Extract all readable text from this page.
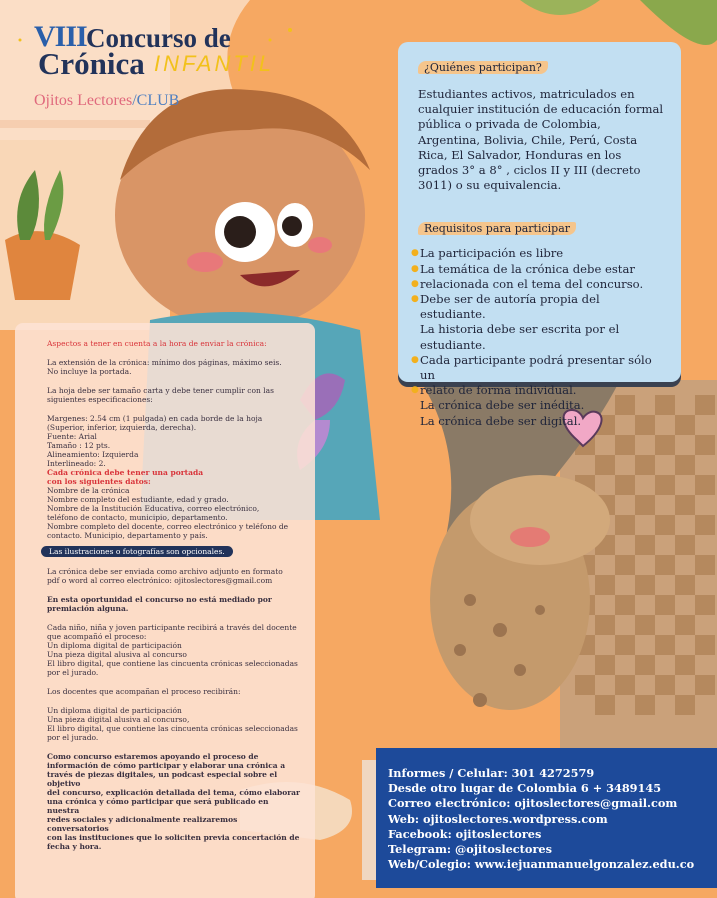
VIII Concurso de
Crónica INFANTIL
Ojitos Lectores/CLUB
¿Quiénes participan?

Estudiantes activos, matriculados en cualquier institución de educación formal pública o privada de Colombia, Argentina, Bolivia, Chile, Perú, Costa Rica, El Salvador, Honduras en los grados 3° a 8° , ciclos II y III (decreto 3011) o su equivalencia.

Requisitos para participar
● La participación es libre
● La temática de la crónica debe estar
● relacionada con el tema del concurso.
● Debe ser de autoría propia del estudiante.
La historia debe ser escrita por el estudiante.
● Cada participante podrá presentar sólo un
● relato de forma individual.
La crónica debe ser inédita.
La crónica debe ser digital.
Aspectos a tener en cuenta a la hora de enviar la crónica:
La extensión de la crónica: mínimo dos páginas, máximo seis.
No incluye la portada.
La hoja debe ser tamaño carta y debe tener cumplir con las
siguientes especificaciones:
Margenes: 2.54 cm (1 pulgada) en cada borde de la hoja
(Superior, inferior, izquierda, derecha).
Fuente: Arial
Tamaño : 12 pts.
Alineamiento: Izquierda
Interlineado: 2.
Cada crónica debe tener una portada
con los siguientes datos:
Nombre de la crónica
Nombre completo del estudiante, edad y grado.
Nombre de la Institución Educativa, correo electrónico,
teléfono de contacto, municipio, departamento.
Nombre completo del docente, correo electrónico y teléfono de
contacto. Municipio, departamento y país.
Las ilustraciones o fotografías son opcionales.
La crónica debe ser enviada como archivo adjunto en formato
pdf o word al correo electrónico: ojitoslectores@gmail.com
En esta oportunidad el concurso no está mediado por
premiación alguna.
Cada niño, niña y joven participante recibirá a través del docente
que acompañó el proceso:
Un diploma digital de participación
Una pieza digital alusiva al concurso
El libro digital, que contiene las cincuenta crónicas seleccionadas
por el jurado.
Los docentes que acompañan el proceso recibirán:
Un diploma digital de participación
Una pieza digital alusiva al concurso,
El libro digital, que contiene las cincuenta crónicas seleccionadas
por el jurado.
Como concurso estaremos apoyando el proceso de
información de cómo participar y elaborar una crónica a
través de piezas digitales, un podcast especial sobre el objetivo
del concurso, explicación detallada del tema, cómo elaborar
una crónica y cómo participar que será publicado en nuestra
redes sociales y adicionalmente realizaremos conversatorios
con las instituciones que lo soliciten previa concertación de
fecha y hora.
Informes / Celular: 301 4272579
Desde otro lugar de Colombia 6 + 3489145
Correo electrónico: ojitoslectores@gmail.com
Web: ojitoslectores.wordpress.com
Facebook: ojitoslectores
Telegram: @ojitoslectores
Web/Colegio: www.iejuanmanuelgonzalez.edu.co
